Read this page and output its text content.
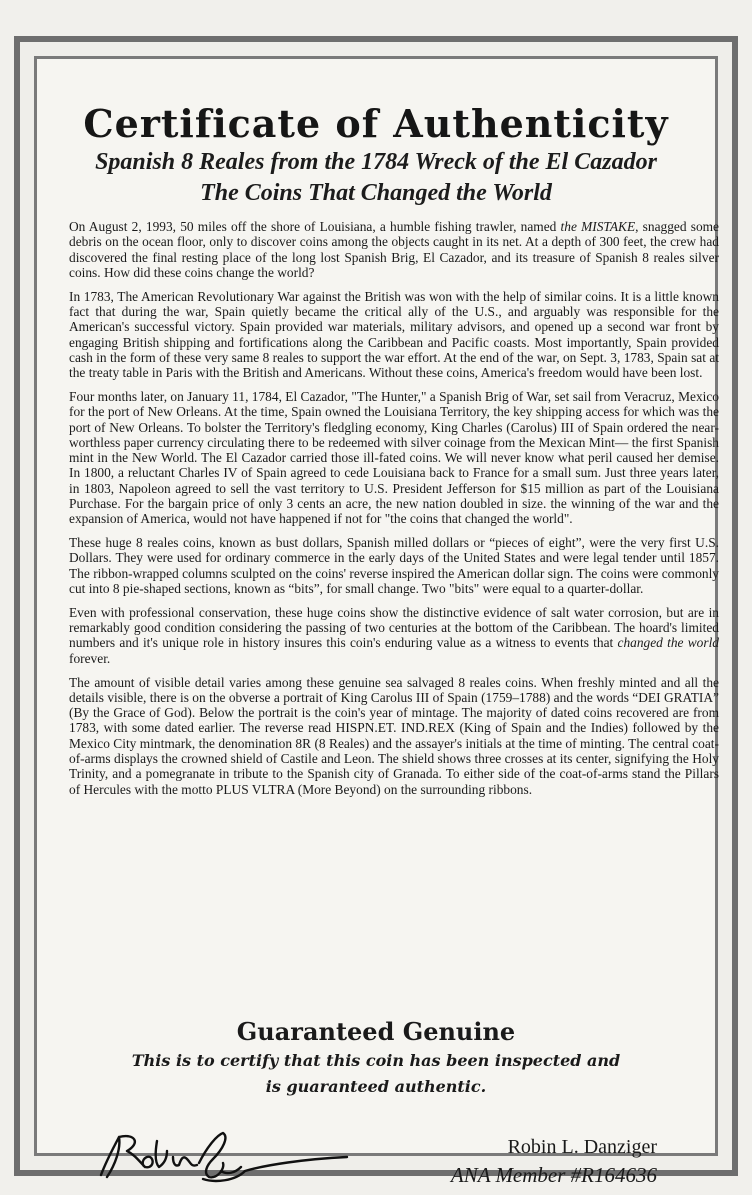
Certificate of Authenticity
Spanish 8 Reales from the 1784 Wreck of the El Cazador
The Coins That Changed the World

On August 2, 1993, 50 miles off the shore of Louisiana, a humble fishing trawler, named the MISTAKE, snagged some debris on the ocean floor, only to discover coins among the objects caught in its net. At a depth of 300 feet, the crew had discovered the final resting place of the long lost Spanish Brig, El Cazador, and its treasure of Spanish 8 reales silver coins. How did these coins change the world?

In 1783, The American Revolutionary War against the British was won with the help of similar coins. It is a little known fact that during the war, Spain quietly became the critical ally of the U.S., and arguably was responsible for the American's successful victory. Spain provided war materials, military advisors, and opened up a second war front by engaging British shipping and fortifications along the Caribbean and Pacific coasts. Most importantly, Spain provided cash in the form of these very same 8 reales to support the war effort. At the end of the war, on Sept. 3, 1783, Spain sat at the treaty table in Paris with the British and Americans. Without these coins, America's freedom would have been lost.

Four months later, on January 11, 1784, El Cazador, "The Hunter," a Spanish Brig of War, set sail from Veracruz, Mexico for the port of New Orleans. At the time, Spain owned the Louisiana Territory, the key shipping access for which was the port of New Orleans. To bolster the Territory's fledgling economy, King Charles (Carolus) III of Spain ordered the near-worthless paper currency circulating there to be redeemed with silver coinage from the Mexican Mint— the first Spanish mint in the New World. The El Cazador carried those ill-fated coins. We will never know what peril caused her demise. In 1800, a reluctant Charles IV of Spain agreed to cede Louisiana back to France for a small sum. Just three years later, in 1803, Napoleon agreed to sell the vast territory to U.S. President Jefferson for $15 million as part of the Louisiana Purchase. For the bargain price of only 3 cents an acre, the new nation doubled in size. the winning of the war and the expansion of America, would not have happened if not for "the coins that changed the world".

These huge 8 reales coins, known as bust dollars, Spanish milled dollars or “pieces of eight”, were the very first U.S. Dollars. They were used for ordinary commerce in the early days of the United States and were legal tender until 1857. The ribbon-wrapped columns sculpted on the coins' reverse inspired the American dollar sign. The coins were commonly cut into 8 pie-shaped sections, known as “bits”, for small change. Two "bits" were equal to a quarter-dollar.

Even with professional conservation, these huge coins show the distinctive evidence of salt water corrosion, but are in remarkably good condition considering the passing of two centuries at the bottom of the Caribbean. The hoard's limited numbers and it's unique role in history insures this coin's enduring value as a witness to events that changed the world forever.

The amount of visible detail varies among these genuine sea salvaged 8 reales coins. When freshly minted and all the details visible, there is on the obverse a portrait of King Carolus III of Spain (1759–1788) and the words “DEI GRATIA” (By the Grace of God). Below the portrait is the coin's year of mintage. The majority of dated coins recovered are from 1783, with some dated earlier. The reverse read HISPN.ET. IND.REX (King of Spain and the Indies) followed by the Mexico City mintmark, the denomination 8R (8 Reales) and the assayer's initials at the time of minting. The central coat-of-arms displays the crowned shield of Castile and Leon. The shield shows three crosses at its center, signifying the Holy Trinity, and a pomegranate in tribute to the Spanish city of Granada. To either side of the coat-of-arms stand the Pillars of Hercules with the motto PLUS VLTRA (More Beyond) on the surrounding ribbons.

Guaranteed Genuine
This is to certify that this coin has been inspected and
is guaranteed authentic.
Robin L. Danziger
ANA Member #R164636
